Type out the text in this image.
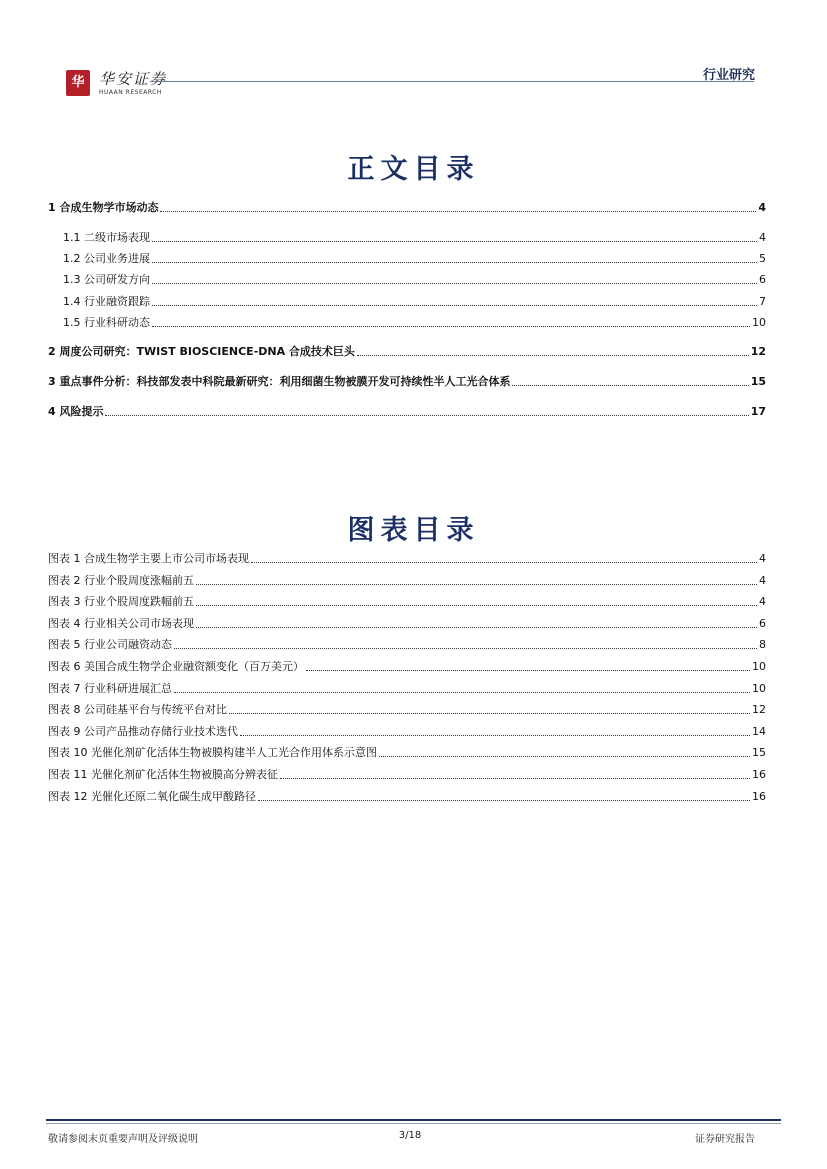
华 华安证券
HUAAN RESEARCH
行业研究
正文目录
1 合成生物学市场动态	4
1.1 二级市场表现	4
1.2 公司业务进展	5
1.3 公司研发方向	6
1.4 行业融资跟踪	7
1.5 行业科研动态	10
2 周度公司研究：TWIST BIOSCIENCE-DNA 合成技术巨头	12
3 重点事件分析：科技部发表中科院最新研究：利用细菌生物被膜开发可持续性半人工光合体系	15
4 风险提示	17
图表目录
图表 1 合成生物学主要上市公司市场表现	4
图表 2 行业个股周度涨幅前五	4
图表 3 行业个股周度跌幅前五	4
图表 4 行业相关公司市场表现	6
图表 5 行业公司融资动态	8
图表 6 美国合成生物学企业融资额变化（百万美元）	10
图表 7 行业科研进展汇总	10
图表 8 公司硅基平台与传统平台对比	12
图表 9 公司产品推动存储行业技术迭代	14
图表 10 光催化剂矿化活体生物被膜构建半人工光合作用体系示意图	15
图表 11 光催化剂矿化活体生物被膜高分辨表征	16
图表 12 光催化还原二氧化碳生成甲酸路径	16
敬请参阅末页重要声明及评级说明	3/18	证券研究报告
